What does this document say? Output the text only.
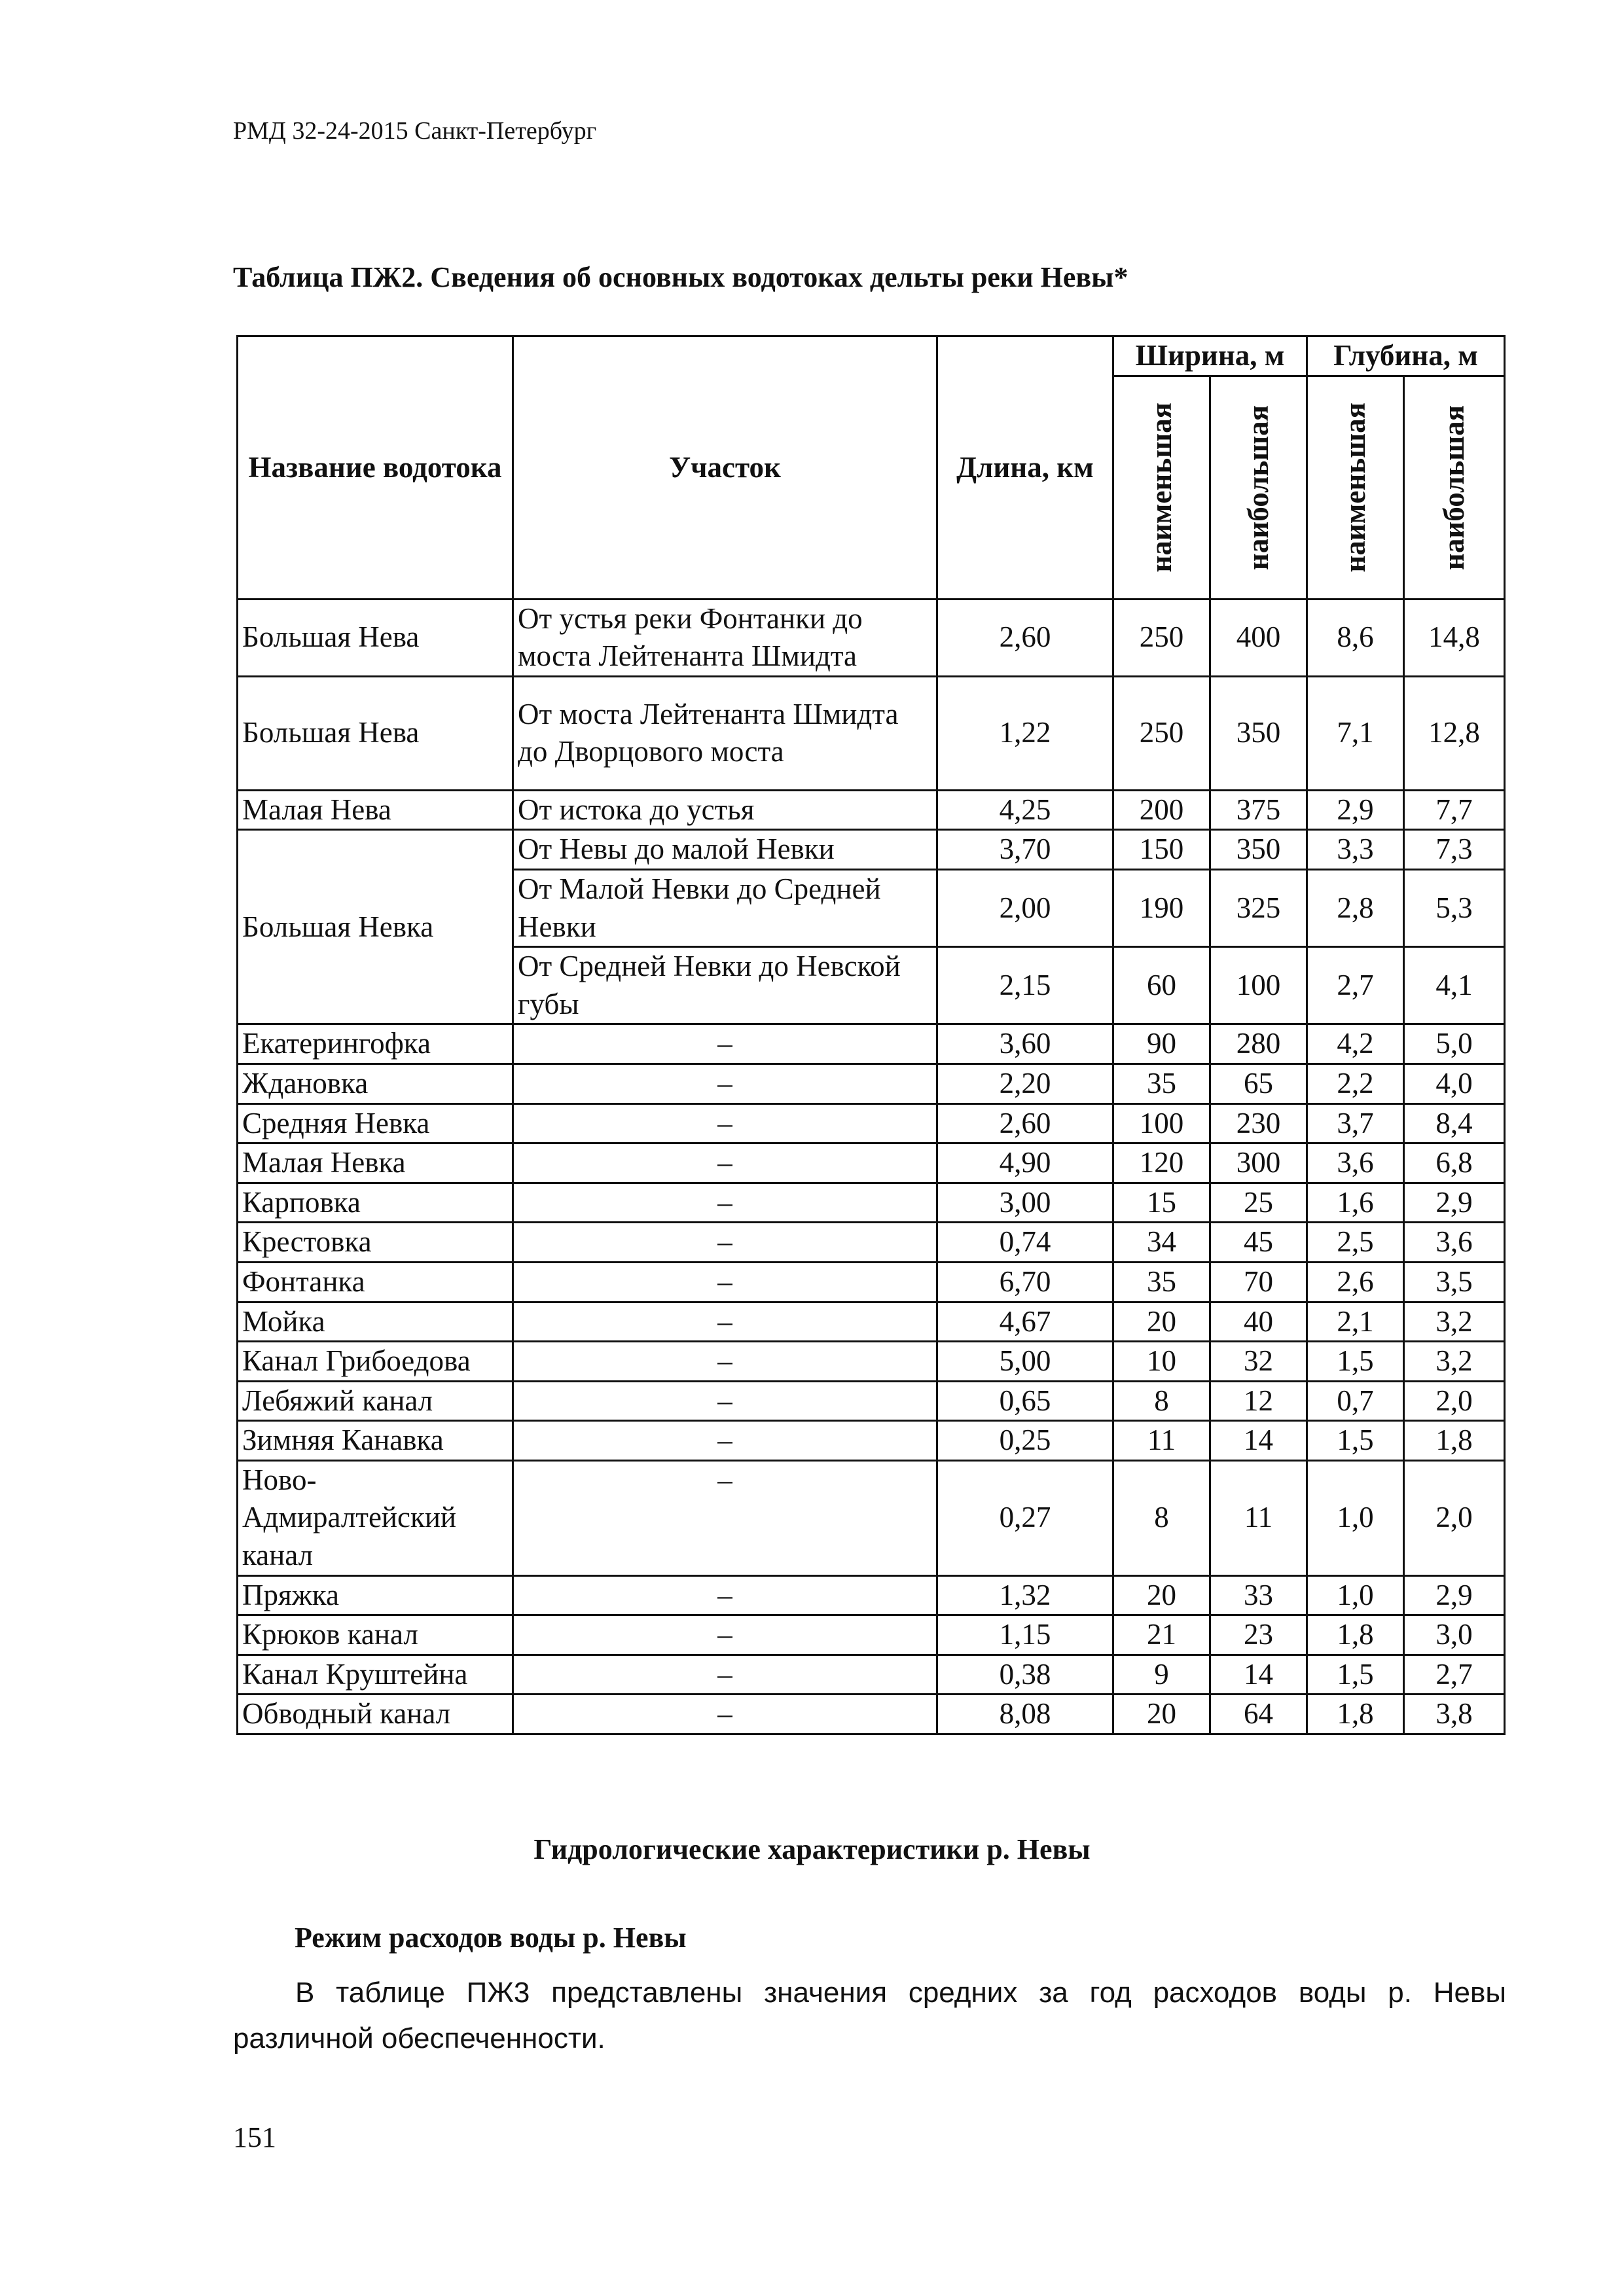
РМД 32-24-2015 Санкт-Петербург
Таблица ПЖ2. Сведения об основных водотоках дельты реки Невы*
Название водотока	Участок	Длина, км	Ширина, м		Глубина, м	

			наименьшая	наибольшая	наименьшая	наибольшая

Большая Нева	От устья реки Фонтанки до моста Лейтенанта Шмидта	2,60	250	400	8,6	14,8
Большая Нева	От моста Лейтенанта Шмидта до Дворцового моста	1,22	250	350	7,1	12,8
Малая Нева	От истока до устья	4,25	200	375	2,9	7,7
Большая Невка	От Невы до малой Невки	3,70	150	350	3,3	7,3
	От Малой Невки до Средней Невки	2,00	190	325	2,8	5,3
	От Средней Невки до Невской губы	2,15	60	100	2,7	4,1
Екатерингофка	–	3,60	90	280	4,2	5,0
Ждановка	–	2,20	35	65	2,2	4,0
Средняя Невка	–	2,60	100	230	3,7	8,4
Малая Невка	–	4,90	120	300	3,6	6,8
Карповка	–	3,00	15	25	1,6	2,9
Крестовка	–	0,74	34	45	2,5	3,6
Фонтанка	–	6,70	35	70	2,6	3,5
Мойка	–	4,67	20	40	2,1	3,2
Канал Грибоедова	–	5,00	10	32	1,5	3,2
Лебяжий канал	–	0,65	8	12	0,7	2,0
Зимняя Канавка	–	0,25	11	14	1,5	1,8
Ново-Адмиралтейский канал	–	0,27	8	11	1,0	2,0
Пряжка	–	1,32	20	33	1,0	2,9
Крюков канал	–	1,15	21	23	1,8	3,0
Канал Круштейна	–	0,38	9	14	1,5	2,7
Обводный канал	–	8,08	20	64	1,8	3,8
Гидрологические характеристики р. Невы
Режим расходов воды р. Невы
В таблице ПЖ3 представлены значения средних за год расходов воды р. Невы различной обеспеченности.
151
